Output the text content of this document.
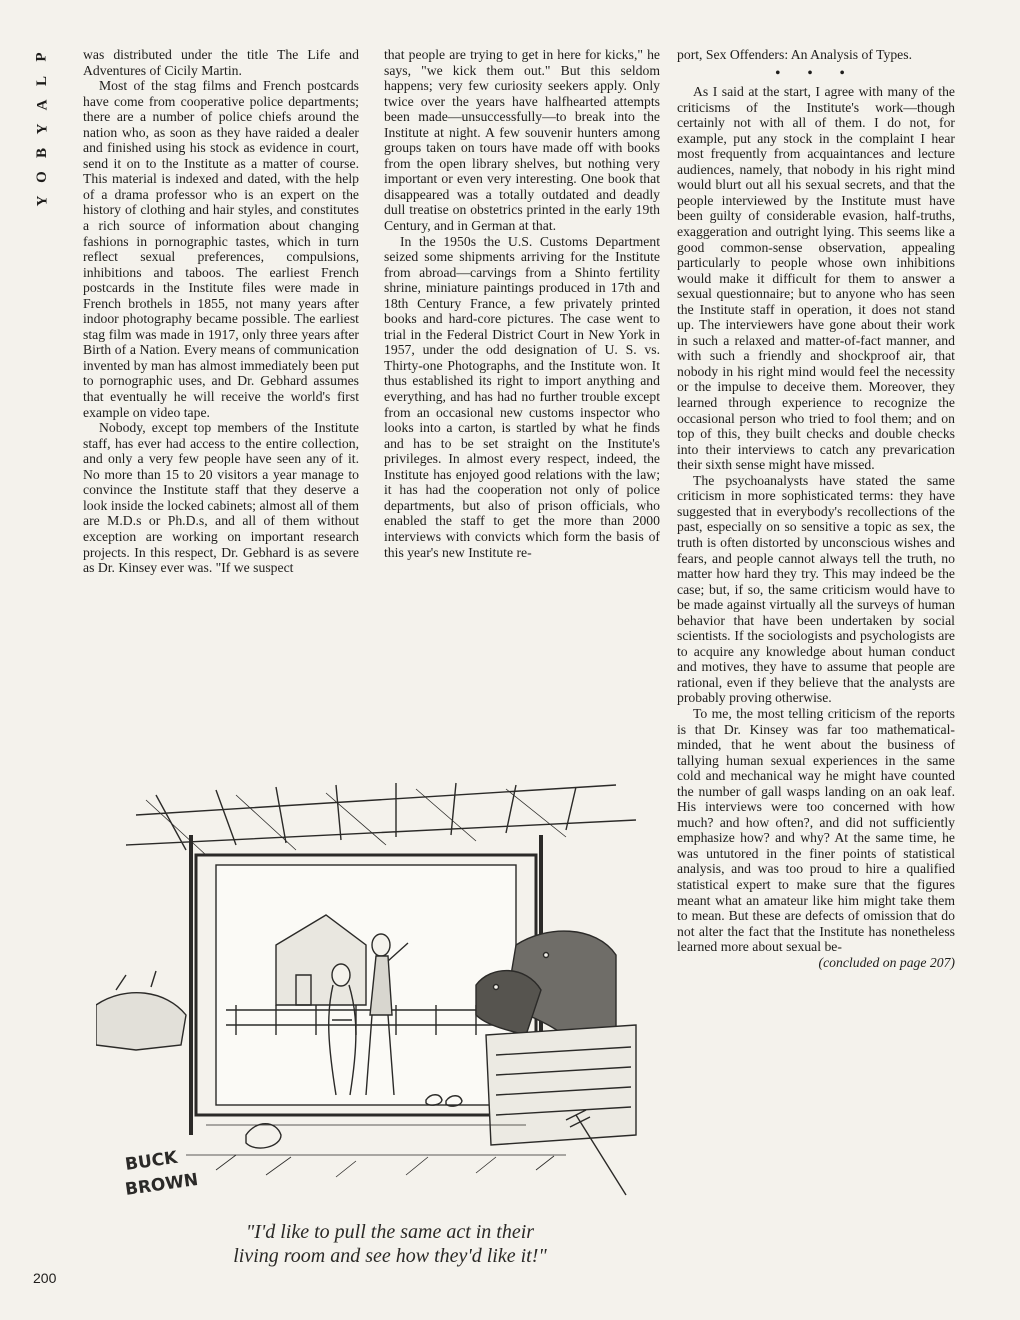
P
L
A
Y
B
O
Y

was distributed under the title The Life and Adventures of Cicily Martin.

Most of the stag films and French postcards have come from cooperative police departments; there are a number of police chiefs around the nation who, as soon as they have raided a dealer and finished using his stock as evidence in court, send it on to the Institute as a matter of course. This material is indexed and dated, with the help of a drama professor who is an expert on the history of clothing and hair styles, and constitutes a rich source of information about changing fashions in pornographic tastes, which in turn reflect sexual preferences, compulsions, inhibitions and taboos. The earliest French postcards in the Institute files were made in French brothels in 1855, not many years after indoor photography became possible. The earliest stag film was made in 1917, only three years after Birth of a Nation. Every means of communication invented by man has almost immediately been put to pornographic uses, and Dr. Gebhard assumes that eventually he will receive the world's first example on video tape.

Nobody, except top members of the Institute staff, has ever had access to the entire collection, and only a very few people have seen any of it. No more than 15 to 20 visitors a year manage to convince the Institute staff that they deserve a look inside the locked cabinets; almost all of them are M.D.s or Ph.D.s, and all of them without exception are working on important research projects. In this respect, Dr. Gebhard is as severe as Dr. Kinsey ever was. "If we suspect

that people are trying to get in here for kicks," he says, "we kick them out." But this seldom happens; very few curiosity seekers apply. Only twice over the years have halfhearted attempts been made—unsuccessfully—to break into the Institute at night. A few souvenir hunters among groups taken on tours have made off with books from the open library shelves, but nothing very important or even very interesting. One book that disappeared was a totally outdated and deadly dull treatise on obstetrics printed in the early 19th Century, and in German at that.

In the 1950s the U.S. Customs Department seized some shipments arriving for the Institute from abroad—carvings from a Shinto fertility shrine, miniature paintings produced in 17th and 18th Century France, a few privately printed books and hard-core pictures. The case went to trial in the Federal District Court in New York in 1957, under the odd designation of U. S. vs. Thirty-one Photographs, and the Institute won. It thus established its right to import anything and everything, and has had no further trouble except from an occasional new customs inspector who looks into a carton, is startled by what he finds and has to be set straight on the Institute's privileges. In almost every respect, indeed, the Institute has enjoyed good relations with the law; it has had the cooperation not only of police departments, but also of prison officials, who enabled the staff to get the more than 2000 interviews with convicts which form the basis of this year's new Institute re-

port, Sex Offenders: An Analysis of Types.

• • •

As I said at the start, I agree with many of the criticisms of the Institute's work—though certainly not with all of them. I do not, for example, put any stock in the complaint I hear most frequently from acquaintances and lecture audiences, namely, that nobody in his right mind would blurt out all his sexual secrets, and that the people interviewed by the Institute must have been guilty of considerable evasion, half-truths, exaggeration and outright lying. This seems like a good common-sense observation, appealing particularly to people whose own inhibitions would make it difficult for them to answer a sexual questionnaire; but to anyone who has seen the Institute staff in operation, it does not stand up. The interviewers have gone about their work in such a relaxed and matter-of-fact manner, and with such a friendly and shockproof air, that nobody in his right mind would feel the necessity or the impulse to deceive them. Moreover, they learned through experience to recognize the occasional person who tried to fool them; and on top of this, they built checks and double checks into their interviews to catch any prevarication their sixth sense might have missed.

The psychoanalysts have stated the same criticism in more sophisticated terms: they have suggested that in everybody's recollections of the past, especially on so sensitive a topic as sex, the truth is often distorted by unconscious wishes and fears, and people cannot always tell the truth, no matter how hard they try. This may indeed be the case; but, if so, the same criticism would have to be made against virtually all the surveys of human behavior that have been undertaken by social scientists. If the sociologists and psychologists are to acquire any knowledge about human conduct and motives, they have to assume that people are rational, even if they believe that the analysts are probably proving otherwise.

To me, the most telling criticism of the reports is that Dr. Kinsey was far too mathematical-minded, that he went about the business of tallying human sexual experiences in the same cold and mechanical way he might have counted the number of gall wasps landing on an oak leaf. His interviews were too concerned with how much? and how often?, and did not sufficiently emphasize how? and why? At the same time, he was untutored in the finer points of statistical analysis, and was too proud to hire a qualified statistical expert to make sure that the figures meant what an amateur like him might take them to mean. But these are defects of omission that do not alter the fact that the Institute has nonetheless learned more about sexual be-

(concluded on page 207)
BUCK
BROWN
"I'd like to pull the same act in their
living room and see how they'd like it!"
200
